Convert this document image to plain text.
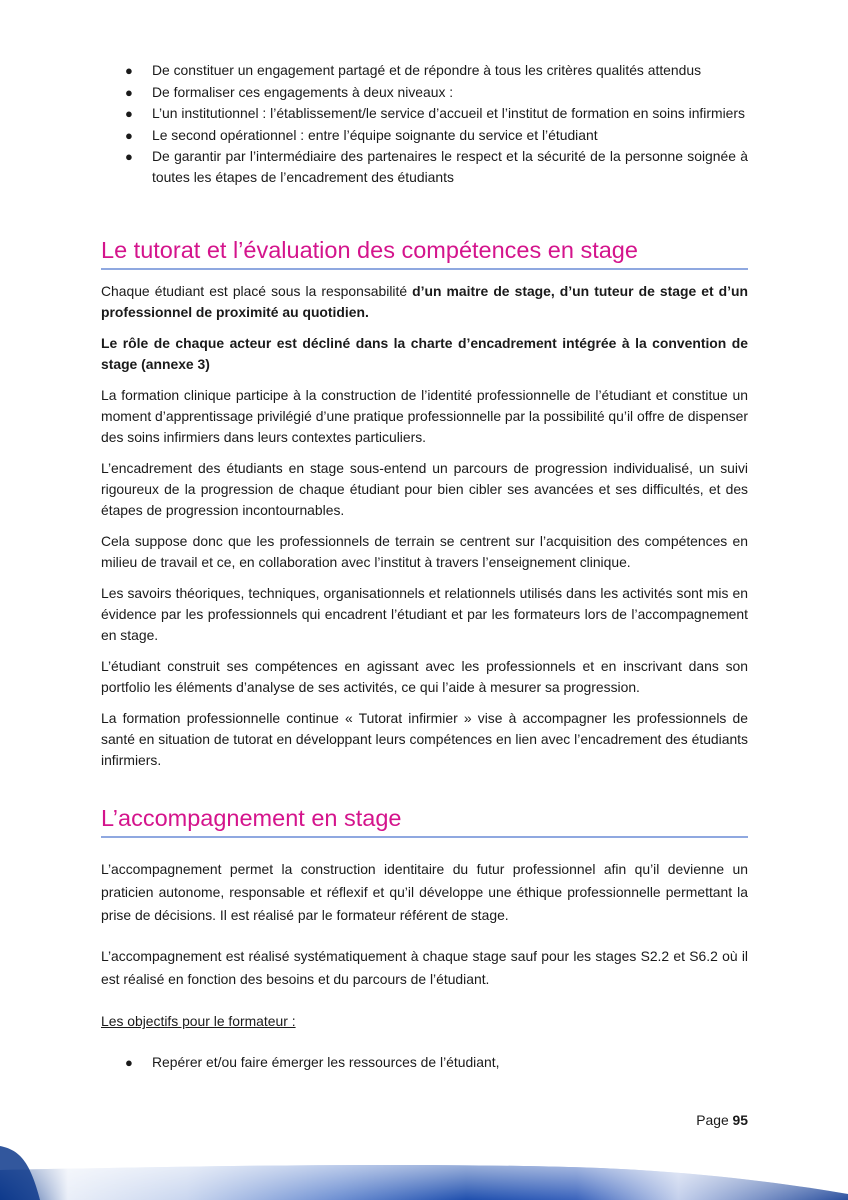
● De constituer un engagement partagé et de répondre à tous les critères qualités attendus
● De formaliser ces engagements à deux niveaux :
● L’un institutionnel : l’établissement/le service d’accueil et l’institut de formation en soins infirmiers
● Le second opérationnel : entre l’équipe soignante du service et l’étudiant
● De garantir par l’intermédiaire des partenaires le respect et la sécurité de la personne soignée à toutes les étapes de l’encadrement des étudiants
Le tutorat et l’évaluation des compétences en stage

Chaque étudiant est placé sous la responsabilité d’un maitre de stage, d’un tuteur de stage et d’un professionnel de proximité au quotidien.

Le rôle de chaque acteur est décliné dans la charte d’encadrement intégrée à la convention de stage (annexe 3)

La formation clinique participe à la construction de l’identité professionnelle de l’étudiant et constitue un moment d’apprentissage privilégié d’une pratique professionnelle par la possibilité qu’il offre de dispenser des soins infirmiers dans leurs contextes particuliers.

L’encadrement des étudiants en stage sous-entend un parcours de progression individualisé, un suivi rigoureux de la progression de chaque étudiant pour bien cibler ses avancées et ses difficultés, et des étapes de progression incontournables.

Cela suppose donc que les professionnels de terrain se centrent sur l’acquisition des compétences en milieu de travail et ce, en collaboration avec l’institut à travers l’enseignement clinique.

Les savoirs théoriques, techniques, organisationnels et relationnels utilisés dans les activités sont mis en évidence par les professionnels qui encadrent l’étudiant et par les formateurs lors de l’accompagnement en stage.

L’étudiant construit ses compétences en agissant avec les professionnels et en inscrivant dans son portfolio les éléments d’analyse de ses activités, ce qui l’aide à mesurer sa progression.

La formation professionnelle continue « Tutorat infirmier » vise à accompagner les professionnels de santé en situation de tutorat en développant leurs compétences en lien avec l’encadrement des étudiants infirmiers.

L’accompagnement en stage

L’accompagnement permet la construction identitaire du futur professionnel afin qu’il devienne un praticien autonome, responsable et réflexif et qu’il développe une éthique professionnelle permettant la prise de décisions. Il est réalisé par le formateur référent de stage.

L’accompagnement est réalisé systématiquement à chaque stage sauf pour les stages S2.2 et S6.2 où il est réalisé en fonction des besoins et du parcours de l’étudiant.

Les objectifs pour le formateur :

● Repérer et/ou faire émerger les ressources de l’étudiant,
Page 95
